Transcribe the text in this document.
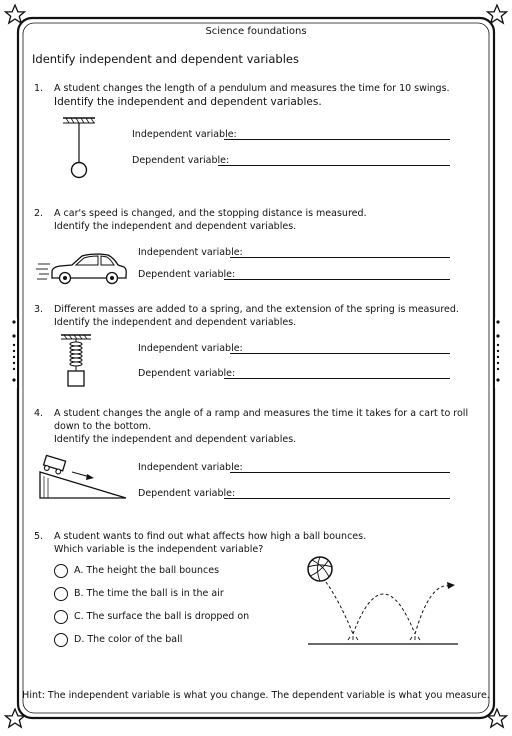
Science foundations
Identify independent and dependent variables
1. A student changes the length of a pendulum and measures the time for 10 swings.
Identify the independent and dependent variables.
Independent variable:
Dependent variable:
2. A car's speed is changed, and the stopping distance is measured.
Identify the independent and dependent variables.
Independent variable:
Dependent variable:
3. Different masses are added to a spring, and the extension of the spring is measured.
Identify the independent and dependent variables.
Independent variable:
Dependent variable:
4. A student changes the angle of a ramp and measures the time it takes for a cart to roll
down to the bottom.
Identify the independent and dependent variables.
Independent variable:
Dependent variable:
5. A student wants to find out what affects how high a ball bounces.
Which variable is the independent variable?
A. The height the ball bounces
B. The time the ball is in the air
C. The surface the ball is dropped on
D. The color of the ball
Hint: The independent variable is what you change. The dependent variable is what you measure.
